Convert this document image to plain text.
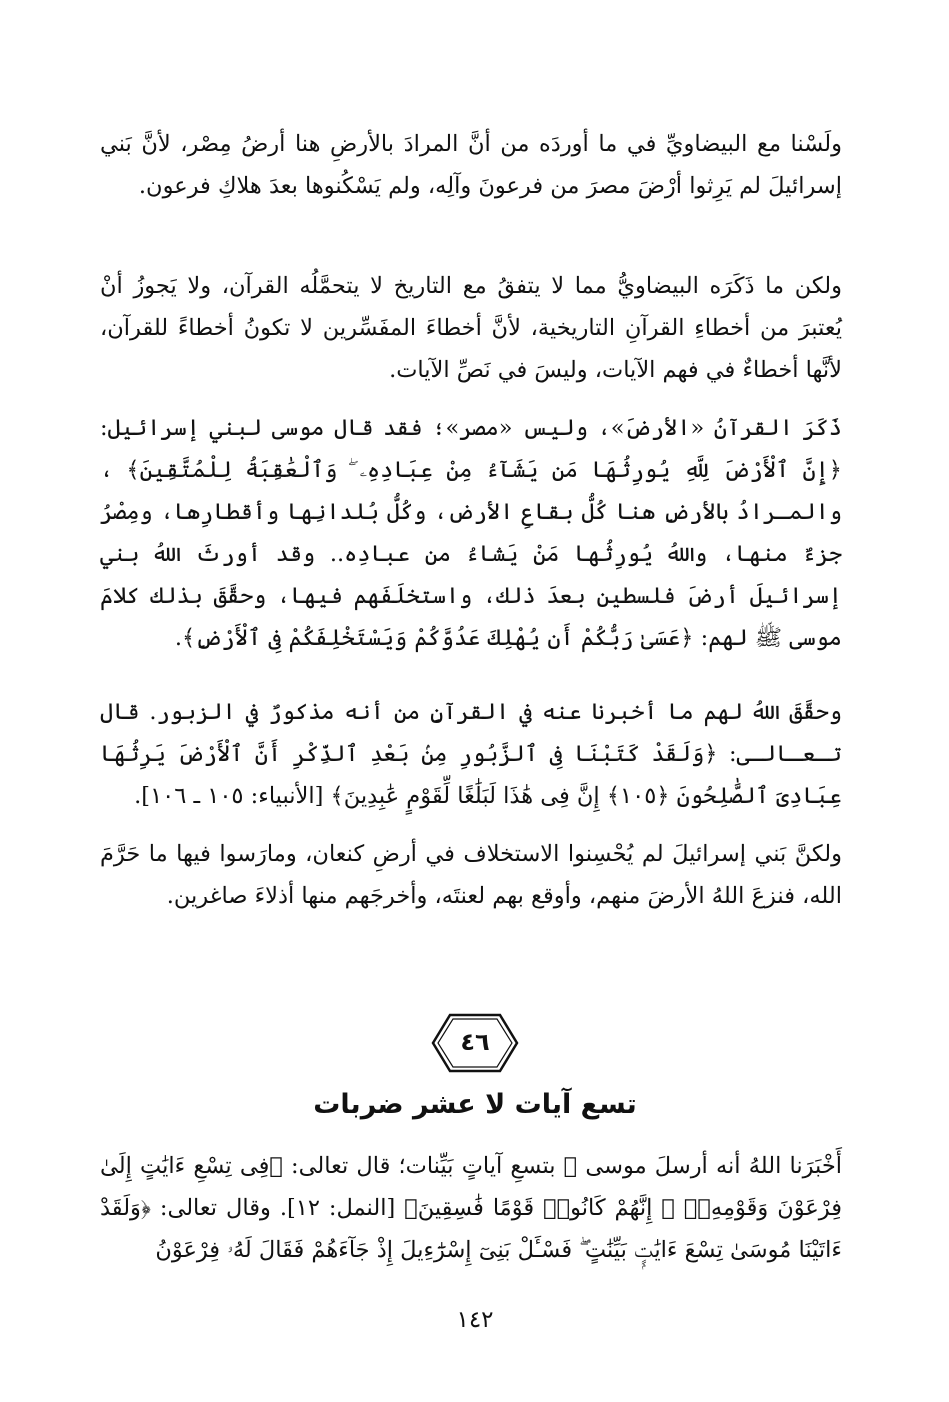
ولَسْنا مع البيضاويِّ في ما أوردَه من أنَّ المرادَ بالأرضِ هنا أرضُ مِصْر، لأنَّ بَني إسرائيلَ لم يَرِثوا أرْضَ مصرَ من فرعونَ وآلِه، ولم يَسْكُنوها بعدَ هلاكِ فرعون.

ولكن ما ذَكَرَه البيضاويُّ مما لا يتفقُ مع التاريخ لا يتحمَّلُه القرآن، ولا يَجوزُ أنْ يُعتبرَ من أخطاءِ القرآنِ التاريخية، لأنَّ أخطاءَ المفَسِّرين لا تكونُ أخطاءً للقرآن، لأنَّها أخطاءٌ في فهم الآيات، وليسَ في نَصِّ الآيات.

ذَكَرَ القرآنُ «الأرضَ»، وليس «مصر»؛ فقد قال موسى لبني إسرائيل: ﴿إِنَّ ٱلْأَرْضَ لِلَّهِ يُورِثُهَا مَن يَشَآءُ مِنْ عِبَادِهِۦ ۖ وَٱلْعَٰقِبَةُ لِلْمُتَّقِينَ﴾ ، والمـرادُ بالأرضِ هنا كُلُّ بقاعِ الأرض، وكُلُّ بُلدانِها وأقطارِها، ومِصْرُ جزءٌ منها، واللهُ يُورِثُها مَنْ يَشاءُ من عبادِه.. وقد أورثَ اللهُ بني إسرائيلَ أرضَ فلسطين بعدَ ذلك، واستخلَفَهم فيها، وحقَّقَ بذلك كلامَ موسى ﷺ لهم: ﴿عَسَىٰ رَبُّكُمْ أَن يُهْلِكَ عَدُوَّكُمْ وَيَسْتَخْلِفَكُمْ فِى ٱلْأَرْضِ﴾.

وحقَّقَ اللهُ لهم ما أخبرنا عنه في القرآنِ من أنه مذكورٌ في الزبور. قال تـعـالـى: ﴿وَلَقَدْ كَتَبْنَا فِى ٱلزَّبُورِ مِنۢ بَعْدِ ٱلذِّكْرِ أَنَّ ٱلْأَرْضَ يَرِثُهَا عِبَادِىَ ٱلصَّٰلِحُونَ ﴿١٠٥﴾ إِنَّ فِى هَٰذَا لَبَلَٰغًا لِّقَوْمٍ عَٰبِدِينَ﴾ [الأنبياء: ١٠٥ ـ ١٠٦].

ولكنَّ بَني إسرائيلَ لم يُحْسِنوا الاستخلاف في أرضِ كنعان، ومارَسوا فيها ما حَرَّمَ الله، فنزعَ اللهُ الأرضَ منهم، وأوقع بهم لعنتَه، وأخرجَهم منها أذلاءَ صاغرين.

٤٦
تسع آيات لا عشر ضربات

أَخْبَرَنا اللهُ أنه أرسلَ موسى ﷺ بتسعِ آياتٍ بَيِّنات؛ قال تعالى: ﴿فِى تِسْعِ ءَايَٰتٍ إِلَىٰ فِرْعَوْنَ وَقَوْمِهِۦٓ ۚ إِنَّهُمْ كَانُوا۟ قَوْمًا فَٰسِقِينَ﴾ [النمل: ١٢]. وقال تعالى: ﴿وَلَقَدْ ءَاتَيْنَا مُوسَىٰ تِسْعَ ءَايَٰتٍۭ بَيِّنَٰتٍ ۖ فَسْـَٔلْ بَنِىٓ إِسْرَٰٓءِيلَ إِذْ جَآءَهُمْ فَقَالَ لَهُۥ فِرْعَوْنُ

١٤٢
